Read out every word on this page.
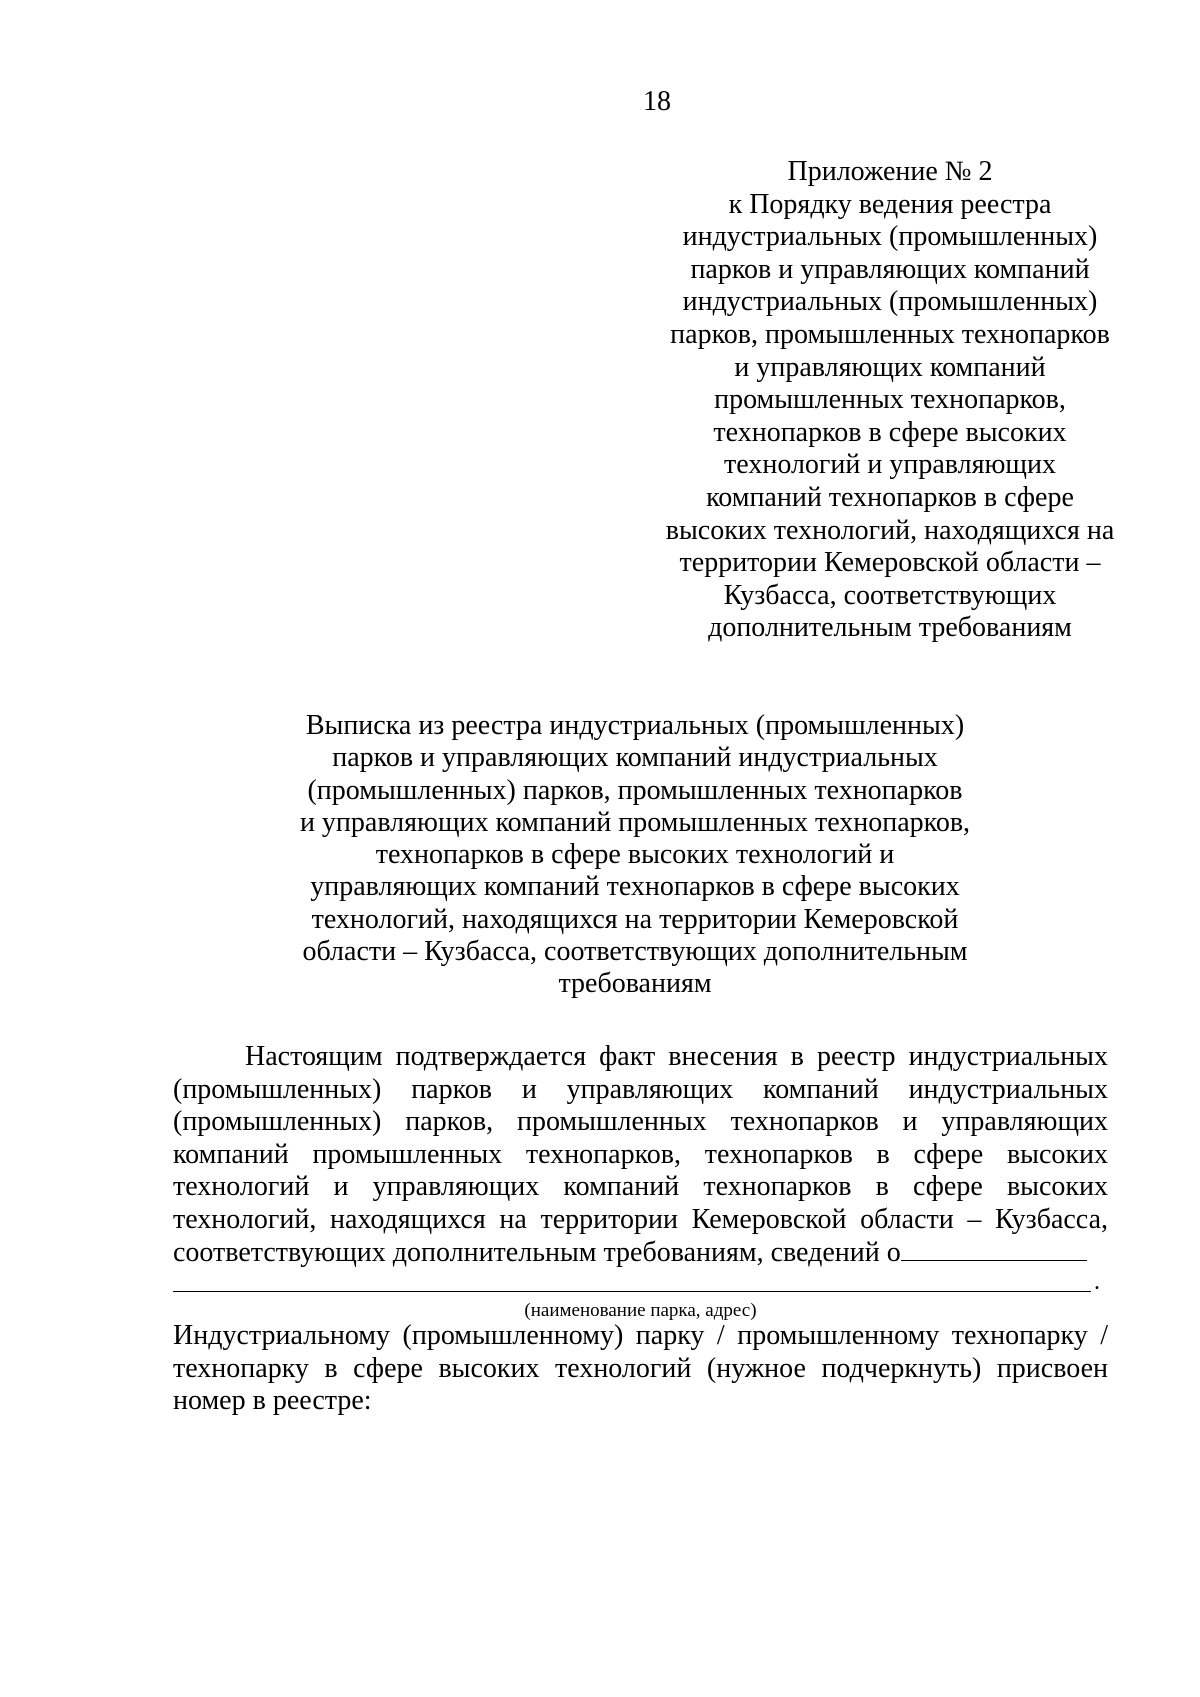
18
Приложение № 2
к Порядку ведения реестра
индустриальных (промышленных)
парков и управляющих компаний
индустриальных (промышленных)
парков, промышленных технопарков
и управляющих компаний
промышленных технопарков,
технопарков в сфере высоких
технологий и управляющих
компаний технопарков в сфере
высоких технологий, находящихся на
территории Кемеровской области –
Кузбасса, соответствующих
дополнительным требованиям
Выписка из реестра индустриальных (промышленных)
парков и управляющих компаний индустриальных
(промышленных) парков, промышленных технопарков
и управляющих компаний промышленных технопарков,
технопарков в сфере высоких технологий и
управляющих компаний технопарков в сфере высоких
технологий, находящихся на территории Кемеровской
области – Кузбасса, соответствующих дополнительным
требованиям
Настоящим подтверждается факт внесения в реестр индустриальных
(промышленных) парков и управляющих компаний индустриальных
(промышленных) парков, промышленных технопарков и управляющих
компаний промышленных технопарков, технопарков в сфере высоких
технологий и управляющих компаний технопарков в сфере высоких
технологий, находящихся на территории Кемеровской области – Кузбасса,
соответствующих дополнительным требованиям, сведений о
.
(наименование парка, адрес)
Индустриальному (промышленному) парку / промышленному технопарку /
технопарку в сфере высоких технологий (нужное подчеркнуть) присвоен
номер в реестре:
